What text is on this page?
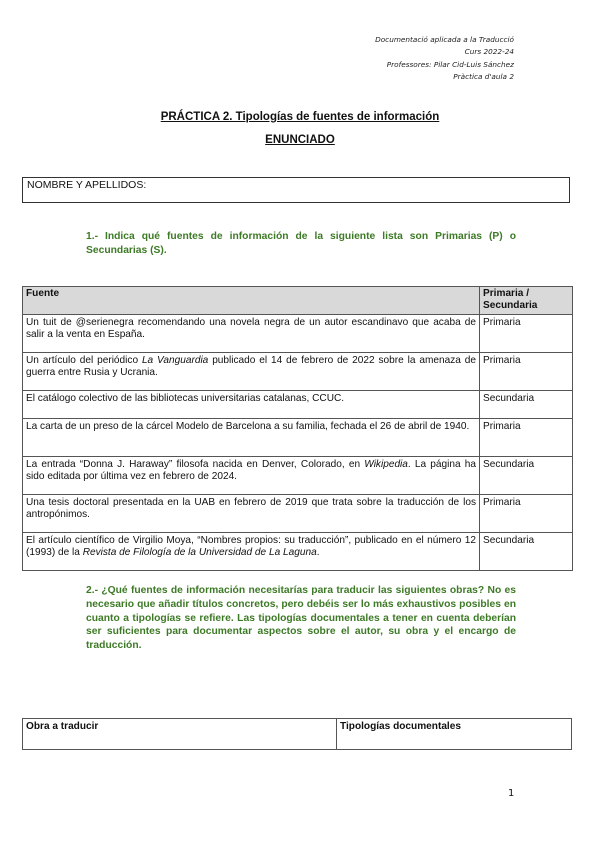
Documentació aplicada a la Traducció
Curs 2022-24
Professores: Pilar Cid-Luis Sánchez
Pràctica d'aula 2
PRÁCTICA 2. Tipologías de fuentes de información
ENUNCIADO
NOMBRE Y APELLIDOS:
1.- Indica qué fuentes de información de la siguiente lista son Primarias (P) o Secundarias (S).
Fuente	Primaria / Secundaria
Un tuit de @serienegra recomendando una novela negra de un autor escandinavo que acaba de salir a la venta en España.	Primaria
Un artículo del periódico La Vanguardia publicado el 14 de febrero de 2022 sobre la amenaza de guerra entre Rusia y Ucrania.	Primaria
El catálogo colectivo de las bibliotecas universitarias catalanas, CCUC.	Secundaria
La carta de un preso de la cárcel Modelo de Barcelona a su familia, fechada el 26 de abril de 1940.	Primaria
La entrada “Donna J. Haraway” filosofa nacida en Denver, Colorado, en Wikipedia. La página ha sido editada por última vez en febrero de 2024.	Secundaria
Una tesis doctoral presentada en la UAB en febrero de 2019 que trata sobre la traducción de los antropónimos.	Primaria
El artículo científico de Virgilio Moya, “Nombres propios: su traducción”, publicado en el número 12 (1993) de la Revista de Filología de la Universidad de La Laguna.	Secundaria
2.- ¿Qué fuentes de información necesitarías para traducir las siguientes obras? No es necesario que añadir títulos concretos, pero debéis ser lo más exhaustivos posibles en cuanto a tipologías se refiere. Las tipologías documentales a tener en cuenta deberían ser suficientes para documentar aspectos sobre el autor, su obra y el encargo de traducción.
Obra a traducir	Tipologías documentales
1
